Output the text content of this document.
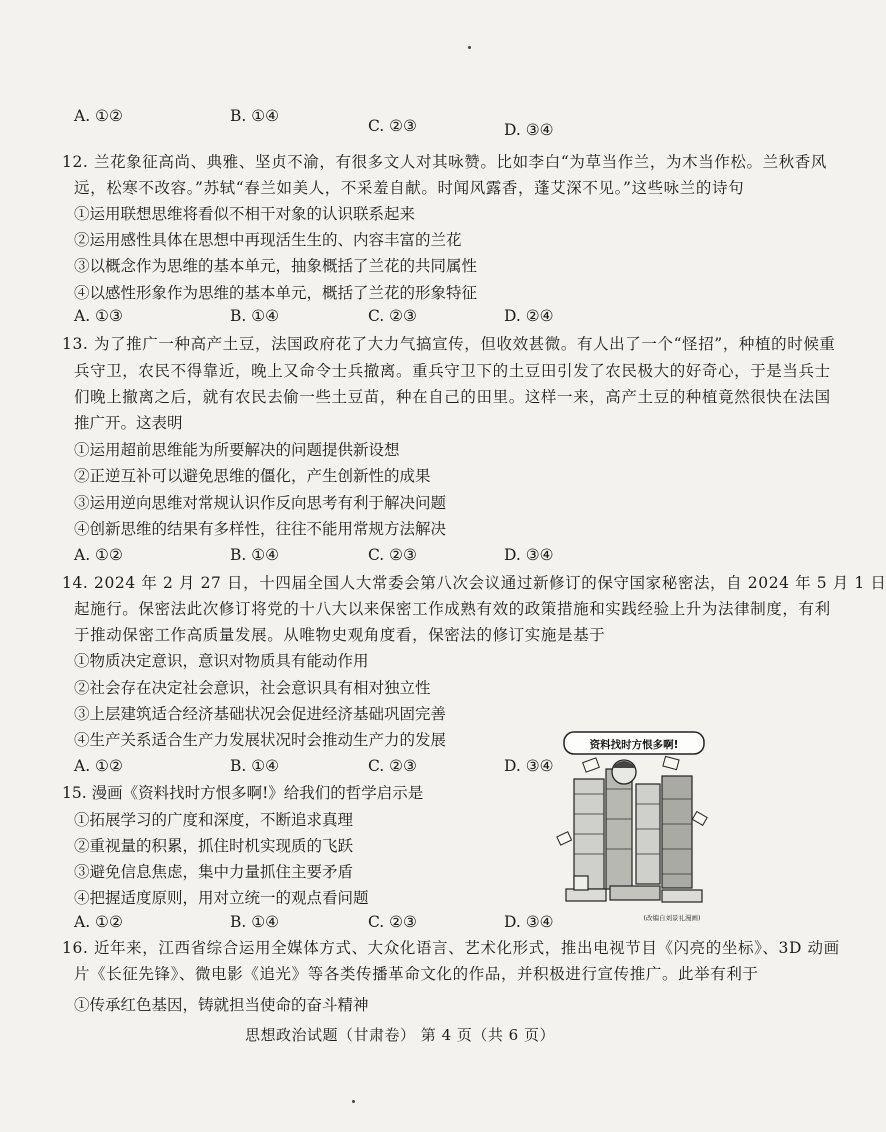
A. ①②	B. ①④
C. ②③	D. ③④
12. 兰花象征高尚、典雅、坚贞不渝，有很多文人对其咏赞。比如李白“为草当作兰，为木当作松。兰秋香风
远，松寒不改容。”苏轼“春兰如美人，不采羞自献。时闻风露香，蓬艾深不见。”这些咏兰的诗句
①运用联想思维将看似不相干对象的认识联系起来
②运用感性具体在思想中再现活生生的、内容丰富的兰花
③以概念作为思维的基本单元，抽象概括了兰花的共同属性
④以感性形象作为思维的基本单元，概括了兰花的形象特征
A. ①③	B. ①④	C. ②③	D. ②④
13. 为了推广一种高产土豆，法国政府花了大力气搞宣传，但收效甚微。有人出了一个“怪招”，种植的时候重
兵守卫，农民不得靠近，晚上又命令士兵撤离。重兵守卫下的土豆田引发了农民极大的好奇心，于是当兵士
们晚上撤离之后，就有农民去偷一些土豆苗，种在自己的田里。这样一来，高产土豆的种植竟然很快在法国
推广开。这表明
①运用超前思维能为所要解决的问题提供新设想
②正逆互补可以避免思维的僵化，产生创新性的成果
③运用逆向思维对常规认识作反向思考有利于解决问题
④创新思维的结果有多样性，往往不能用常规方法解决
A. ①②	B. ①④	C. ②③	D. ③④
14. 2024 年 2 月 27 日，十四届全国人大常委会第八次会议通过新修订的保守国家秘密法，自 2024 年 5 月 1 日
起施行。保密法此次修订将党的十八大以来保密工作成熟有效的政策措施和实践经验上升为法律制度，有利
于推动保密工作高质量发展。从唯物史观角度看，保密法的修订实施是基于
①物质决定意识，意识对物质具有能动作用
②社会存在决定社会意识，社会意识具有相对独立性
③上层建筑适合经济基础状况会促进经济基础巩固完善
④生产关系适合生产力发展状况时会推动生产力的发展
A. ①②	B. ①④	C. ②③	D. ③④
15. 漫画《资料找时方恨多啊!》给我们的哲学启示是
①拓展学习的广度和深度，不断追求真理
②重视量的积累，抓住时机实现质的飞跃
③避免信息焦虑，集中力量抓住主要矛盾
④把握适度原则，用对立统一的观点看问题
A. ①②	B. ①④	C. ②③	D. ③④
资料找时方恨多啊!
(改编自刘景礼漫画)
16. 近年来，江西省综合运用全媒体方式、大众化语言、艺术化形式，推出电视节目《闪亮的坐标》、3D 动画
片《长征先锋》、微电影《追光》等各类传播革命文化的作品，并积极进行宣传推广。此举有利于
①传承红色基因，铸就担当使命的奋斗精神
思想政治试题（甘肃卷） 第 4 页（共 6 页）
